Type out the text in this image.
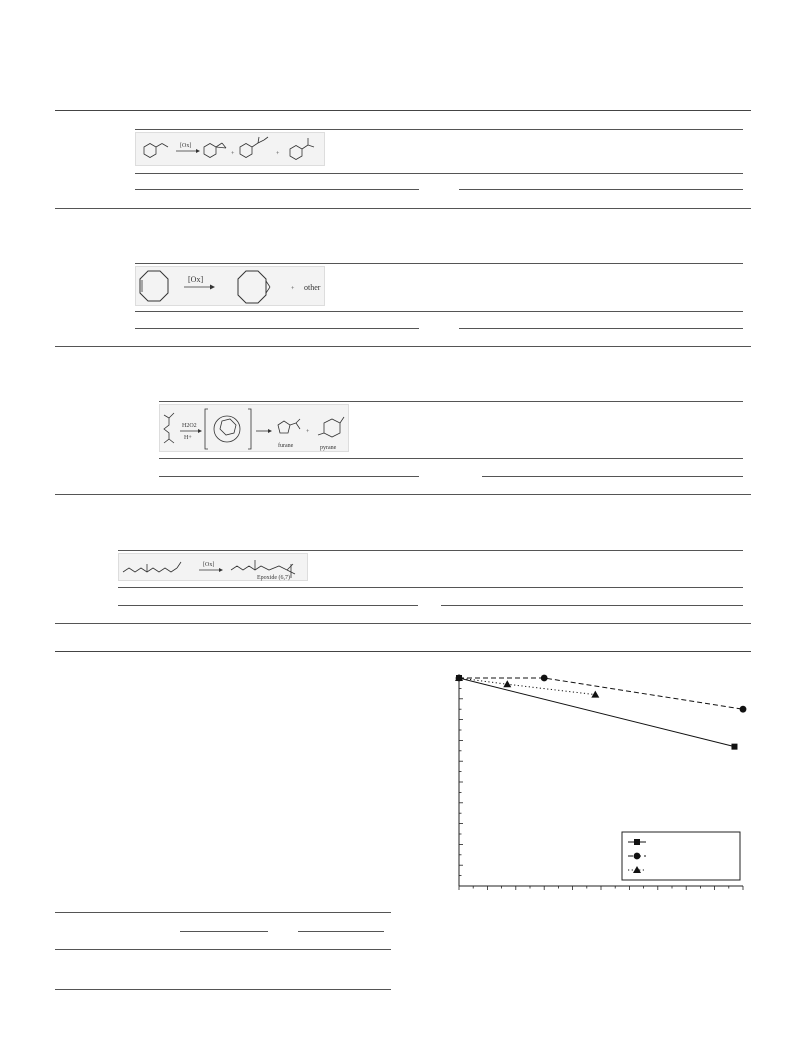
[Ox]
+	+
[Ox]
+ other
H2O2
H+
furane
+
pyrane
[Ox]
Epoxide (6,7)
